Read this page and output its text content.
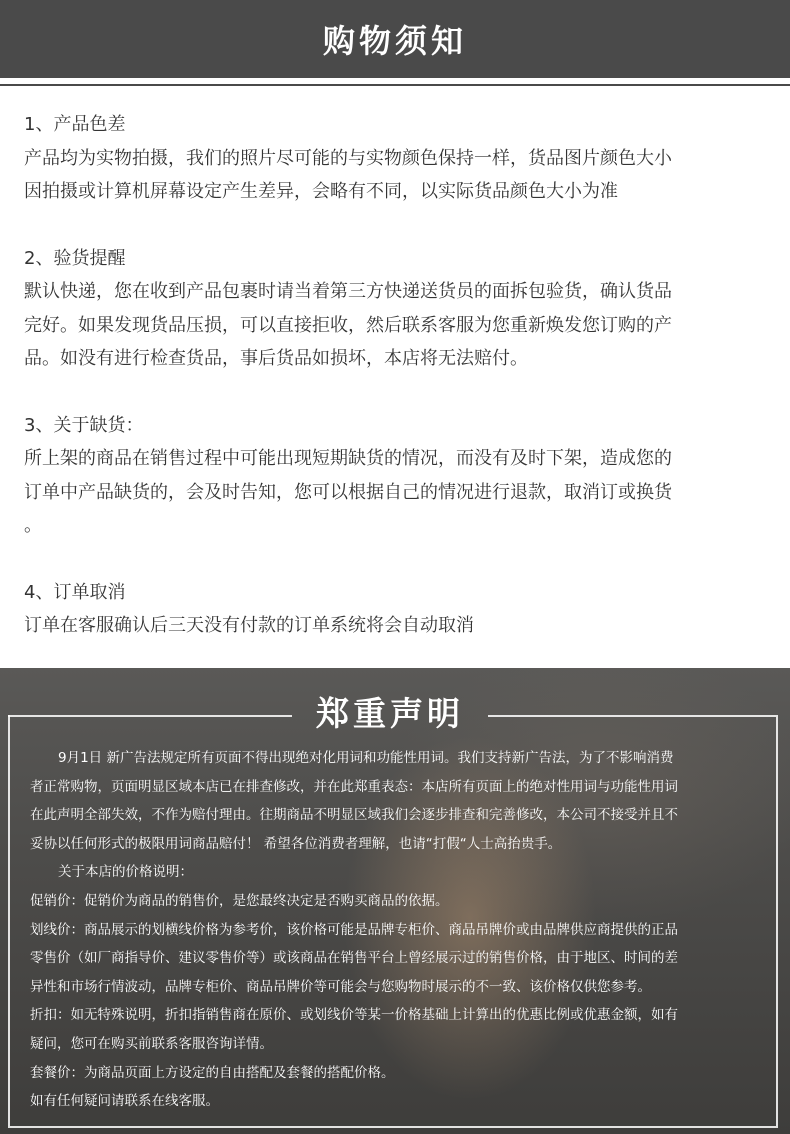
购物须知

1、产品色差

产品均为实物拍摄，我们的照片尽可能的与实物颜色保持一样，货品图片颜色大小

因拍摄或计算机屏幕设定产生差异，会略有不同，以实际货品颜色大小为准

2、验货提醒

默认快递，您在收到产品包裹时请当着第三方快递送货员的面拆包验货，确认货品

完好。如果发现货品压损，可以直接拒收，然后联系客服为您重新焕发您订购的产

品。如没有进行检查货品，事后货品如损坏，本店将无法赔付。

3、关于缺货：

所上架的商品在销售过程中可能出现短期缺货的情况，而没有及时下架，造成您的

订单中产品缺货的，会及时告知，您可以根据自己的情况进行退款，取消订或换货

。

4、订单取消

订单在客服确认后三天没有付款的订单系统将会自动取消

郑重声明

9月1日 新广告法规定所有页面不得出现绝对化用词和功能性用词。我们支持新广告法，为了不影响消费

者正常购物，页面明显区域本店已在排查修改，并在此郑重表态：本店所有页面上的绝对性用词与功能性用词

在此声明全部失效，不作为赔付理由。往期商品不明显区域我们会逐步排查和完善修改，本公司不接受并且不

妥协以任何形式的极限用词商品赔付！ 希望各位消费者理解，也请“打假“人士高抬贵手。

关于本店的价格说明：

促销价：促销价为商品的销售价，是您最终决定是否购买商品的依据。

划线价：商品展示的划横线价格为参考价，该价格可能是品牌专柜价、商品吊牌价或由品牌供应商提供的正品

零售价（如厂商指导价、建议零售价等）或该商品在销售平台上曾经展示过的销售价格，由于地区、时间的差

异性和市场行情波动，品牌专柜价、商品吊牌价等可能会与您购物时展示的不一致、该价格仅供您参考。

折扣：如无特殊说明，折扣指销售商在原价、或划线价等某一价格基础上计算出的优惠比例或优惠金额，如有

疑问，您可在购买前联系客服咨询详情。

套餐价：为商品页面上方设定的自由搭配及套餐的搭配价格。

如有任何疑问请联系在线客服。
